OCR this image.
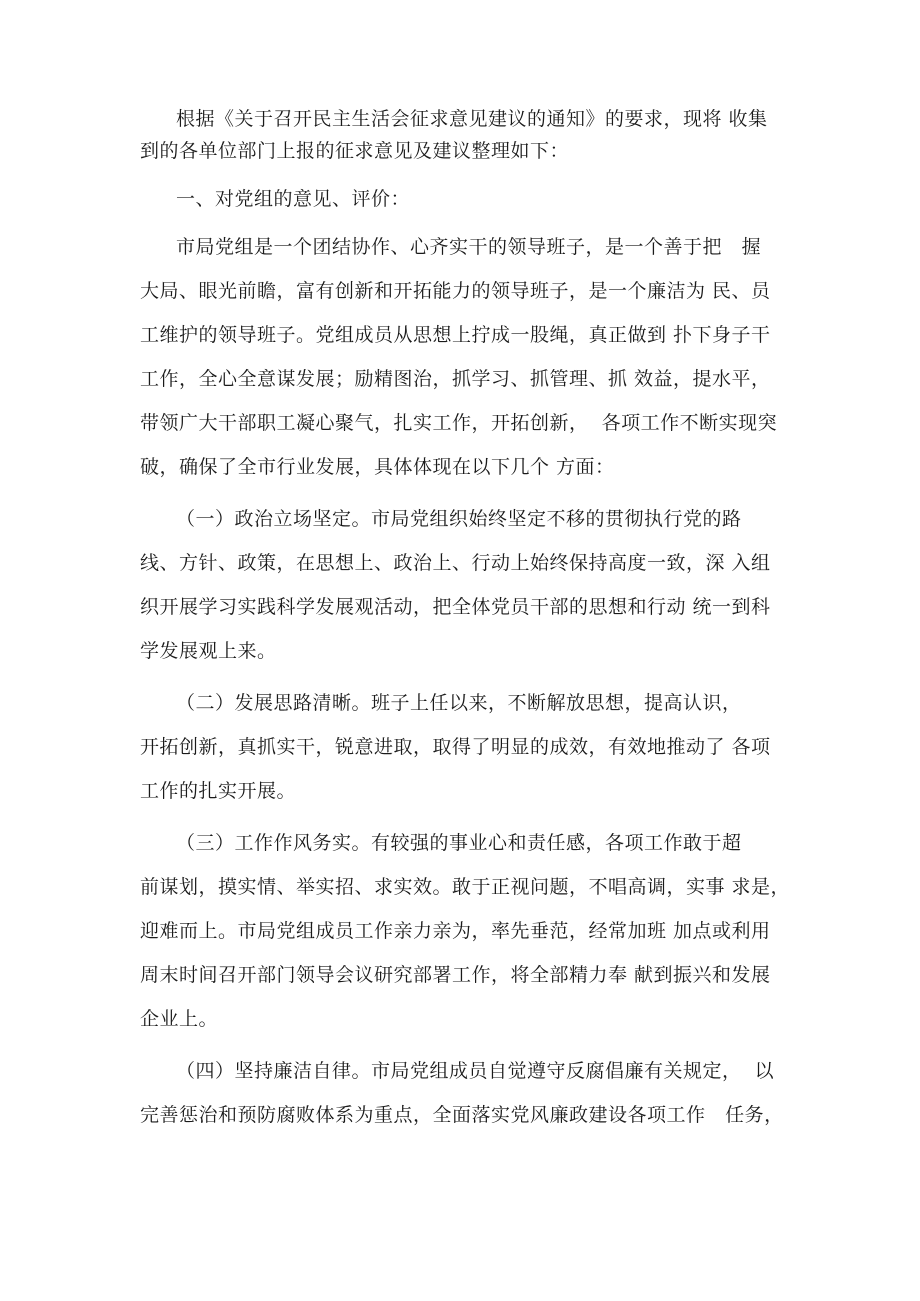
根据《关于召开民主生活会征求意见建议的通知》的要求，现将 收集
到的各单位部门上报的征求意见及建议整理如下：
一、对党组的意见、评价：
市局党组是一个团结协作、心齐实干的领导班子，是一个善于把   握
大局、眼光前瞻，富有创新和开拓能力的领导班子，是一个廉洁为 民、员
工维护的领导班子。党组成员从思想上拧成一股绳，真正做到 扑下身子干
工作，全心全意谋发展；励精图治，抓学习、抓管理、抓 效益，提水平，
带领广大干部职工凝心聚气，扎实工作，开拓创新，  各项工作不断实现突
破，确保了全市行业发展，具体体现在以下几个 方面：
（一）政治立场坚定。市局党组织始终坚定不移的贯彻执行党的路
线、方针、政策，在思想上、政治上、行动上始终保持高度一致，深 入组
织开展学习实践科学发展观活动，把全体党员干部的思想和行动 统一到科
学发展观上来。
（二）发展思路清晰。班子上任以来，不断解放思想，提高认识，
开拓创新，真抓实干，锐意进取，取得了明显的成效，有效地推动了 各项
工作的扎实开展。
（三）工作作风务实。有较强的事业心和责任感，各项工作敢于超
前谋划，摸实情、举实招、求实效。敢于正视问题，不唱高调，实事 求是，
迎难而上。市局党组成员工作亲力亲为，率先垂范，经常加班 加点或利用
周末时间召开部门领导会议研究部署工作，将全部精力奉 献到振兴和发展
企业上。
（四）坚持廉洁自律。市局党组成员自觉遵守反腐倡廉有关规定，  以
完善惩治和预防腐败体系为重点，全面落实党风廉政建设各项工作   任务，
